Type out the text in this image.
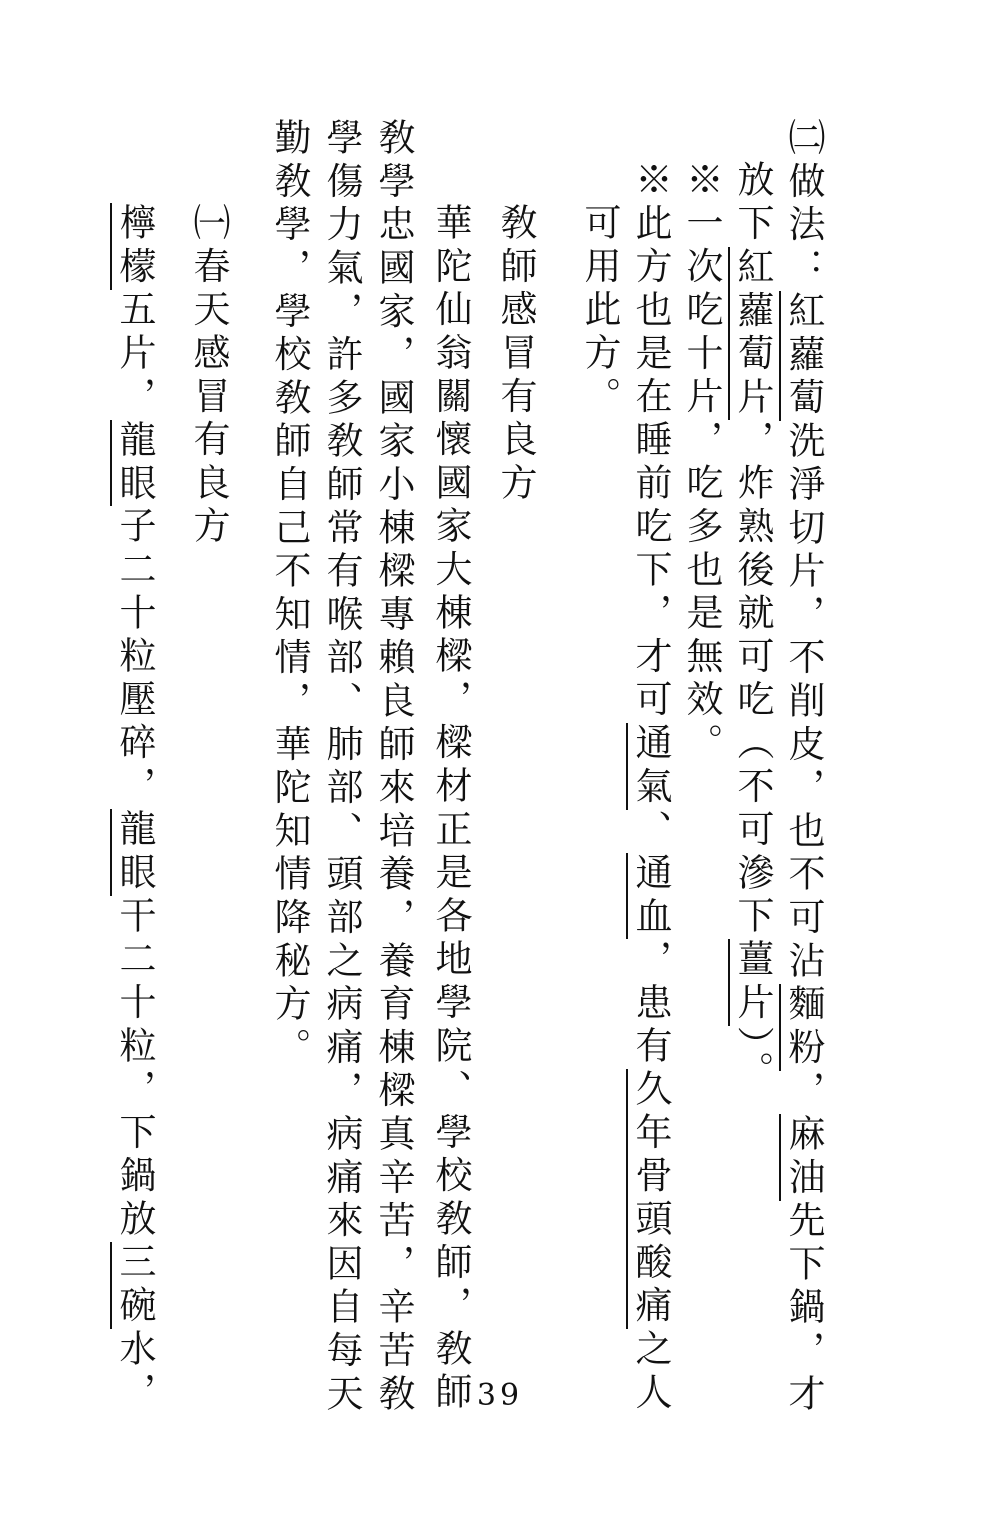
㈡做法：紅蘿蔔洗淨切片，不削皮，也不可沾麵粉，麻油先下鍋，才
放下紅蘿蔔片，炸熟後就可吃（不可滲下薑片）。
※一次吃十片，吃多也是無效。
※此方也是在睡前吃下，才可通氣、通血，患有久年骨頭酸痛之人
可用此方。
敎師感冒有良方
華陀仙翁關懷國家大棟樑，樑材正是各地學院、學校敎師，敎師
敎學忠國家，國家小棟樑專賴良師來培養，養育棟樑真辛苦，辛苦敎
學傷力氣，許多敎師常有喉部、肺部、頭部之病痛，病痛來因自每天
勤敎學，學校敎師自己不知情，華陀知情降秘方。
㈠春天感冒有良方
檸檬五片，龍眼子二十粒壓碎，龍眼干二十粒，下鍋放三碗水，	39
